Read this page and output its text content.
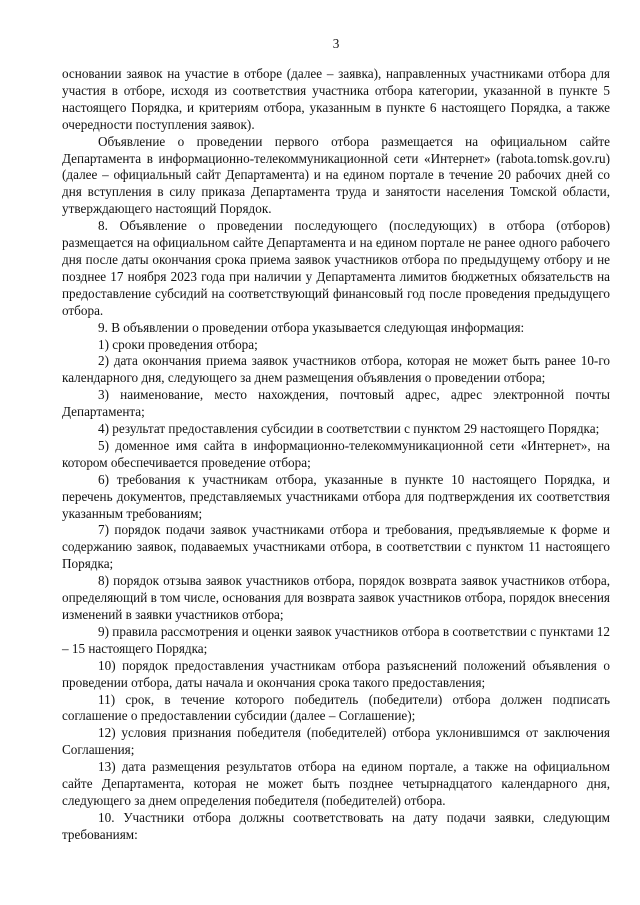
3

основании заявок на участие в отборе (далее – заявка), направленных участниками отбора для участия в отборе, исходя из соответствия участника отбора категории, указанной в пункте 5 настоящего Порядка, и критериям отбора, указанным в пункте 6 настоящего Порядка, а также очередности поступления заявок).

Объявление о проведении первого отбора размещается на официальном сайте Департамента в информационно-телекоммуникационной сети «Интернет» (rabota.tomsk.gov.ru) (далее – официальный сайт Департамента) и на едином портале в течение 20 рабочих дней со дня вступления в силу приказа Департамента труда и занятости населения Томской области, утверждающего настоящий Порядок.

8. Объявление о проведении последующего (последующих) в отбора (отборов) размещается на официальном сайте Департамента и на едином портале не ранее одного рабочего дня после даты окончания срока приема заявок участников отбора по предыдущему отбору и не позднее 17 ноября 2023 года при наличии у Департамента лимитов бюджетных обязательств на предоставление субсидий на соответствующий финансовый год после проведения предыдущего отбора.

9. В объявлении о проведении отбора указывается следующая информация:

1) сроки проведения отбора;

2) дата окончания приема заявок участников отбора, которая не может быть ранее 10-го календарного дня, следующего за днем размещения объявления о проведении отбора;

3) наименование, место нахождения, почтовый адрес, адрес электронной почты Департамента;

4) результат предоставления субсидии в соответствии с пунктом 29 настоящего Порядка;

5) доменное имя сайта в информационно-телекоммуникационной сети «Интернет», на котором обеспечивается проведение отбора;

6) требования к участникам отбора, указанные в пункте 10 настоящего Порядка, и перечень документов, представляемых участниками отбора для подтверждения их соответствия указанным требованиям;

7) порядок подачи заявок участниками отбора и требования, предъявляемые к форме и содержанию заявок, подаваемых участниками отбора, в соответствии с пунктом 11 настоящего Порядка;

8) порядок отзыва заявок участников отбора, порядок возврата заявок участников отбора, определяющий в том числе, основания для возврата заявок участников отбора, порядок внесения изменений в заявки участников отбора;

9) правила рассмотрения и оценки заявок участников отбора в соответствии с пунктами 12 – 15 настоящего Порядка;

10) порядок предоставления участникам отбора разъяснений положений объявления о проведении отбора, даты начала и окончания срока такого предоставления;

11) срок, в течение которого победитель (победители) отбора должен подписать соглашение о предоставлении субсидии (далее – Соглашение);

12) условия признания победителя (победителей) отбора уклонившимся от заключения Соглашения;

13) дата размещения результатов отбора на едином портале, а также на официальном сайте Департамента, которая не может быть позднее четырнадцатого календарного дня, следующего за днем определения победителя (победителей) отбора.

10. Участники отбора должны соответствовать на дату подачи заявки, следующим требованиям:
